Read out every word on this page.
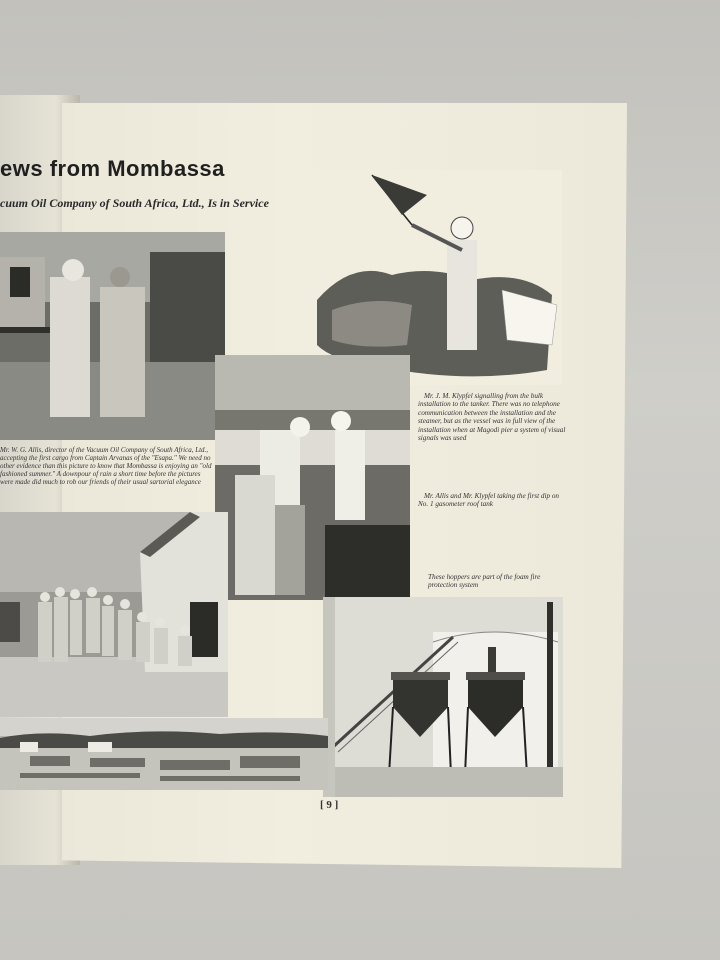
ews from Mombassa
cuum Oil Company of South Africa, Ltd., Is in Service
Mr. J. M. Klypfel signalling from the bulk installation to the tanker. There was no telephone communication between the installation and the steamer, but as the vessel was in full view of the installation when at Magodi pier a system of visual signals was used
Mr. Allis and Mr. Klypfel taking the first dip on No. 1 gasometer roof tank
Mr. W. G. Allis, director of the Vacuum Oil Company of South Africa, Ltd., accepting the first cargo from Captain Arvanas of the "Esapa." We need no other evidence than this picture to know that Mombassa is enjoying an "old fashioned summer." A downpour of rain a short time before the pictures were made did much to rob our friends of their usual sartorial elegance
These hoppers are part of the foam fire protection system
[ 9 ]
